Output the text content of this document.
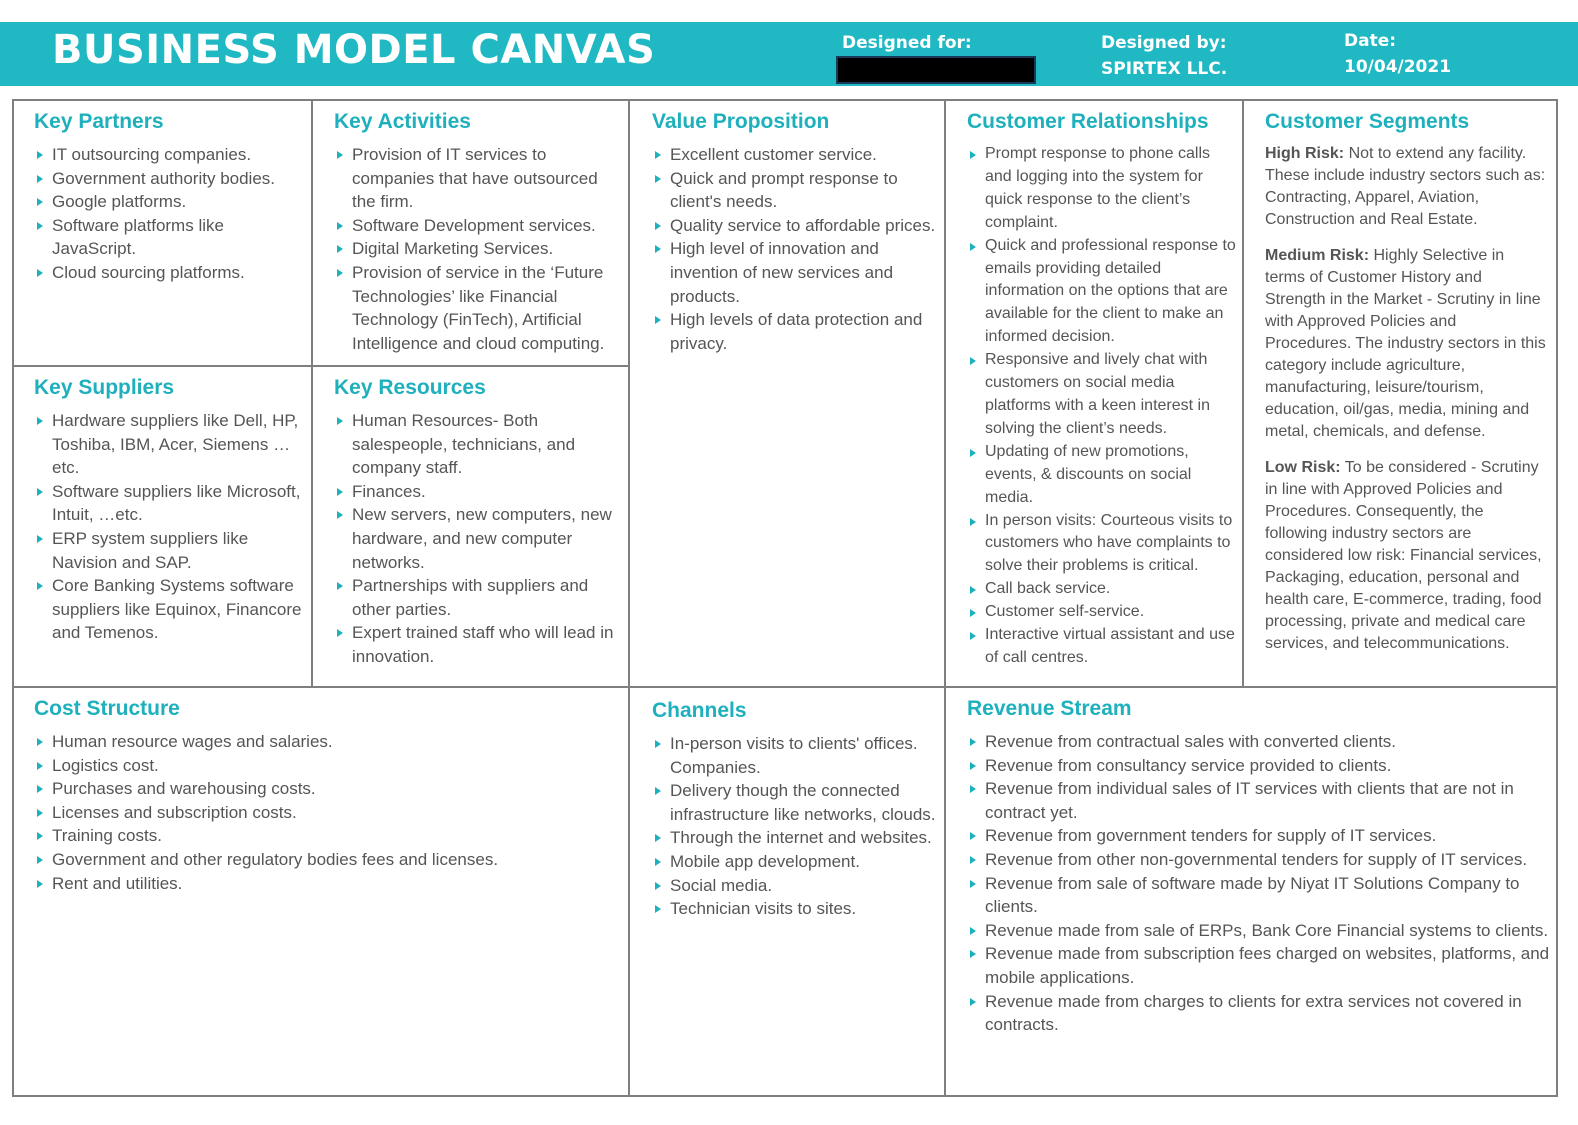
BUSINESS MODEL CANVAS	Designed for:	Designed by:
SPIRTEX LLC.
Date:
10/04/2021
Key Partners
IT outsourcing companies.
Government authority bodies.
Google platforms.
Software platforms like JavaScript.
Cloud sourcing platforms.
Key Activities
Provision of IT services to companies that have outsourced the firm.
Software Development services.
Digital Marketing Services.
Provision of service in the ‘Future Technologies’ like Financial Technology (FinTech), Artificial Intelligence and cloud computing.
Value Proposition
Excellent customer service.
Quick and prompt response to client's needs.
Quality service to affordable prices.
High level of innovation and invention of new services and products.
High levels of data protection and privacy.
Customer Relationships
Prompt response to phone calls and logging into the system for quick response to the client’s complaint.
Quick and professional response to emails providing detailed information on the options that are available for the client to make an informed decision.
Responsive and lively chat with customers on social media platforms with a keen interest in solving the client’s needs.
Updating of new promotions, events, & discounts on social media.
In person visits: Courteous visits to customers who have complaints to solve their problems is critical.
Call back service.
Customer self-service.
Interactive virtual assistant and use of call centres.
Customer Segments

High Risk: Not to extend any facility. These include industry sectors such as: Contracting, Apparel, Aviation, Construction and Real Estate.

Medium Risk: Highly Selective in terms of Customer History and Strength in the Market - Scrutiny in line with Approved Policies and Procedures. The industry sectors in this category include agriculture, manufacturing, leisure/tourism, education, oil/gas, media, mining and metal, chemicals, and defense.

Low Risk: To be considered - Scrutiny in line with Approved Policies and Procedures. Consequently, the following industry sectors are considered low risk: Financial services, Packaging, education, personal and health care, E-commerce, trading, food processing, private and medical care services, and telecommunications.

Key Suppliers
Hardware suppliers like Dell, HP, Toshiba, IBM, Acer, Siemens …etc.
Software suppliers like Microsoft, Intuit, …etc.
ERP system suppliers like Navision and SAP.
Core Banking Systems software suppliers like Equinox, Financore and Temenos.
Key Resources
Human Resources- Both salespeople, technicians, and company staff.
Finances.
New servers, new computers, new hardware, and new computer networks.
Partnerships with suppliers and other parties.
Expert trained staff who will lead in innovation.
Cost Structure
Human resource wages and salaries.
Logistics cost.
Purchases and warehousing costs.
Licenses and subscription costs.
Training costs.
Government and other regulatory bodies fees and licenses.
Rent and utilities.
Channels
In-person visits to clients' offices. Companies.
Delivery though the connected infrastructure like networks, clouds.
Through the internet and websites.
Mobile app development.
Social media.
Technician visits to sites.
Revenue Stream
Revenue from contractual sales with converted clients.
Revenue from consultancy service provided to clients.
Revenue from individual sales of IT services with clients that are not in contract yet.
Revenue from government tenders for supply of IT services.
Revenue from other non-governmental tenders for supply of IT services.
Revenue from sale of software made by Niyat IT Solutions Company to clients.
Revenue made from sale of ERPs, Bank Core Financial systems to clients.
Revenue made from subscription fees charged on websites, platforms, and mobile applications.
Revenue made from charges to clients for extra services not covered in contracts.
